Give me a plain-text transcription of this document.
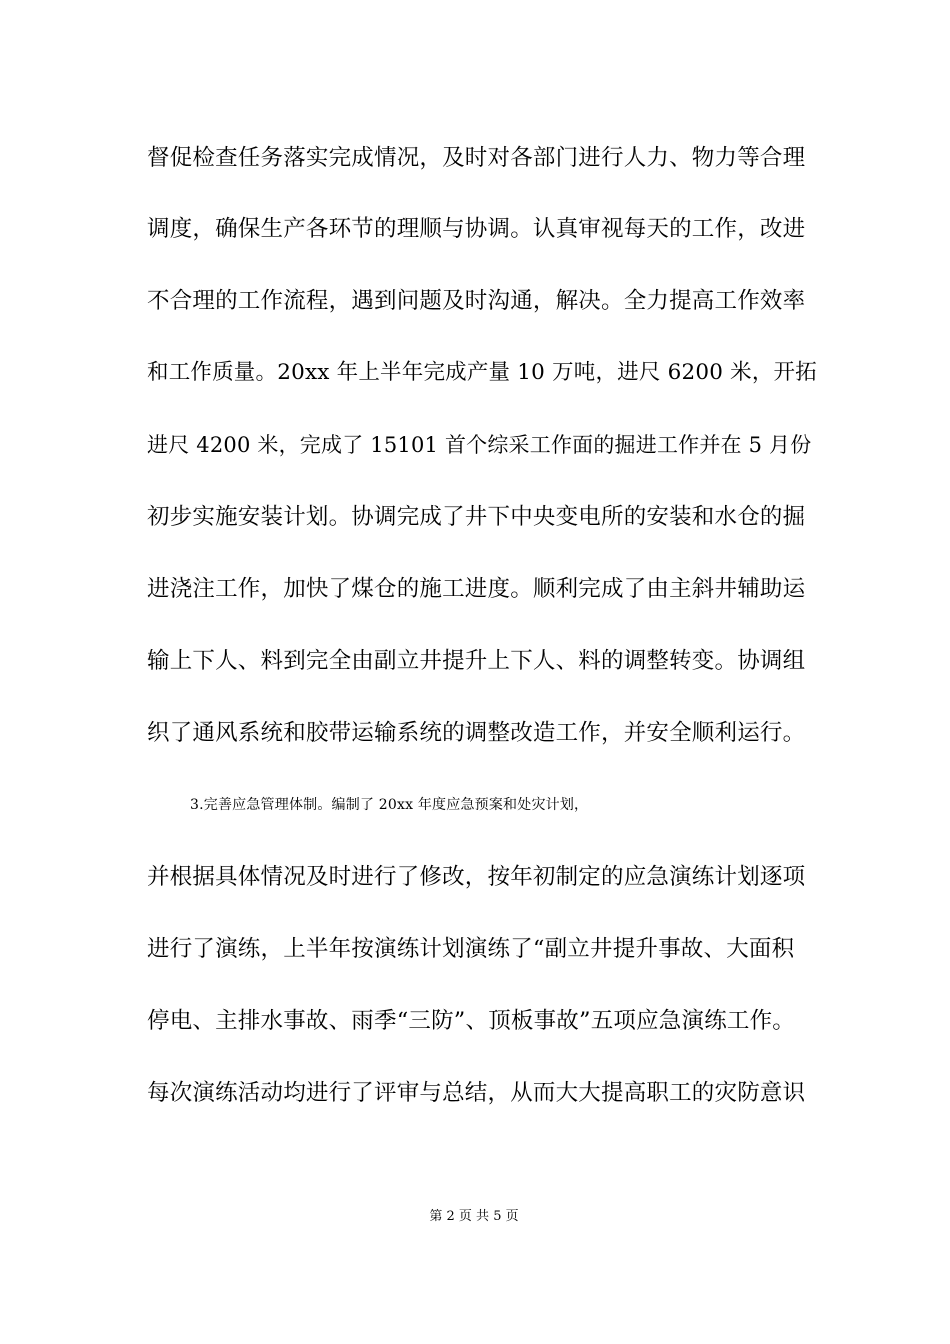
督促检查任务落实完成情况，及时对各部门进行人力、物力等合理
调度，确保生产各环节的理顺与协调。认真审视每天的工作，改进
不合理的工作流程，遇到问题及时沟通，解决。全力提高工作效率
和工作质量。20xx 年上半年完成产量 10 万吨，进尺 6200 米，开拓
进尺 4200 米，完成了 15101 首个综采工作面的掘进工作并在 5 月份
初步实施安装计划。协调完成了井下中央变电所的安装和水仓的掘
进浇注工作，加快了煤仓的施工进度。顺利完成了由主斜井辅助运
输上下人、料到完全由副立井提升上下人、料的调整转变。协调组
织了通风系统和胶带运输系统的调整改造工作，并安全顺利运行。
3.完善应急管理体制。编制了 20xx 年度应急预案和处灾计划，
并根据具体情况及时进行了修改，按年初制定的应急演练计划逐项
进行了演练，上半年按演练计划演练了“副立井提升事故、大面积
停电、主排水事故、雨季“三防”、顶板事故”五项应急演练工作。
每次演练活动均进行了评审与总结，从而大大提高职工的灾防意识
第 2 页 共 5 页
